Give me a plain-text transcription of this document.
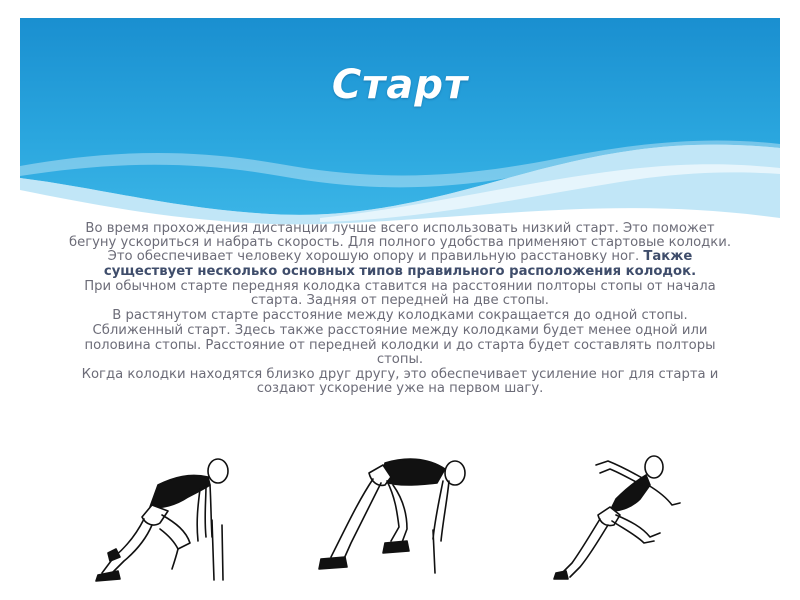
Старт

Во время прохождения дистанции лучше всего использовать низкий старт. Это поможет бегуну ускориться и набрать скорость. Для полного удобства применяют стартовые колодки. Это обеспечивает человеку хорошую опору и правильную расстановку ног. Также существует несколько основных типов правильного расположения колодок.

При обычном старте передняя колодка ставится на расстоянии полторы стопы от начала старта. Задняя от передней на две стопы.

В растянутом старте расстояние между колодками сокращается до одной стопы.

Сближенный старт. Здесь также расстояние между колодками будет менее одной или половина стопы. Расстояние от передней колодки и до старта будет составлять полторы стопы.

Когда колодки находятся близко друг другу, это обеспечивает усиление ног для старта и создают ускорение уже на первом шагу.
